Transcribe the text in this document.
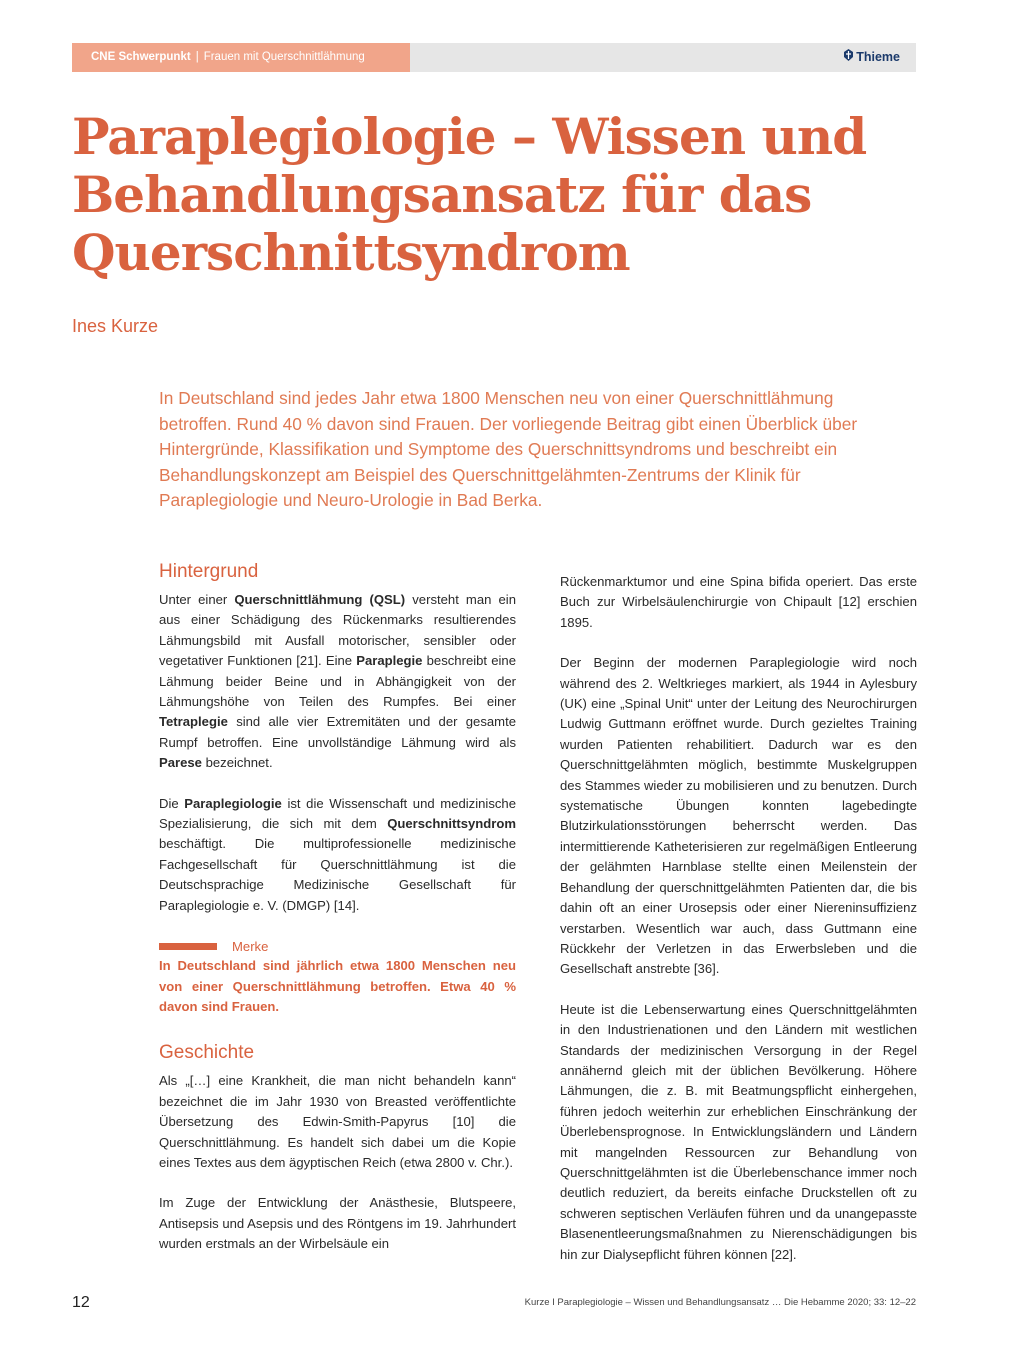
CNE Schwerpunkt | Frauen mit Querschnittlähmung	Thieme
Paraplegiologie – Wissen und Behandlungsansatz für das Querschnittsyndrom
Ines Kurze

In Deutschland sind jedes Jahr etwa 1800 Menschen neu von einer Querschnittlähmung betroffen. Rund 40 % davon sind Frauen. Der vorliegende Beitrag gibt einen Überblick über Hintergründe, Klassifikation und Symptome des Querschnittsyndroms und beschreibt ein Behandlungskonzept am Beispiel des Querschnittgelähmten-Zentrums der Klinik für Paraplegiologie und Neuro-Urologie in Bad Berka.

Hintergrund

Unter einer Querschnittlähmung (QSL) versteht man ein aus einer Schädigung des Rückenmarks resultierendes Lähmungsbild mit Ausfall motorischer, sensibler oder vegetativer Funktionen [21]. Eine Paraplegie beschreibt eine Lähmung beider Beine und in Abhängigkeit von der Lähmungshöhe von Teilen des Rumpfes. Bei einer Tetraplegie sind alle vier Extremitäten und der gesamte Rumpf betroffen. Eine unvollständige Lähmung wird als Parese bezeichnet.

Die Paraplegiologie ist die Wissenschaft und medizinische Spezialisierung, die sich mit dem Querschnittsyndrom beschäftigt. Die multiprofessionelle medizinische Fachgesellschaft für Querschnittlähmung ist die Deutschsprachige Medizinische Gesellschaft für Paraplegiologie e. V. (DMGP) [14].

Merke

In Deutschland sind jährlich etwa 1800 Menschen neu von einer Querschnittlähmung betroffen. Etwa 40 % davon sind Frauen.

Geschichte

Als „[…] eine Krankheit, die man nicht behandeln kann“ bezeichnet die im Jahr 1930 von Breasted veröffentlichte Übersetzung des Edwin-Smith-Papyrus [10] die Querschnittlähmung. Es handelt sich dabei um die Kopie eines Textes aus dem ägyptischen Reich (etwa 2800 v. Chr.).

Im Zuge der Entwicklung der Anästhesie, Blutspeere, Antisepsis und Asepsis und des Röntgens im 19. Jahrhundert wurden erstmals an der Wirbelsäule ein

Rückenmarktumor und eine Spina bifida operiert. Das erste Buch zur Wirbelsäulenchirurgie von Chipault [12] erschien 1895.

Der Beginn der modernen Paraplegiologie wird noch während des 2. Weltkrieges markiert, als 1944 in Aylesbury (UK) eine „Spinal Unit“ unter der Leitung des Neurochirurgen Ludwig Guttmann eröffnet wurde. Durch gezieltes Training wurden Patienten rehabilitiert. Dadurch war es den Querschnittgelähmten möglich, bestimmte Muskelgruppen des Stammes wieder zu mobilisieren und zu benutzen. Durch systematische Übungen konnten lagebedingte Blutzirkulationsstörungen beherrscht werden. Das intermittierende Katheterisieren zur regelmäßigen Entleerung der gelähmten Harnblase stellte einen Meilenstein der Behandlung der querschnittgelähmten Patienten dar, die bis dahin oft an einer Urosepsis oder einer Niereninsuffizienz verstarben. Wesentlich war auch, dass Guttmann eine Rückkehr der Verletzen in das Erwerbsleben und die Gesellschaft anstrebte [36].

Heute ist die Lebenserwartung eines Querschnittgelähmten in den Industrienationen und den Ländern mit westlichen Standards der medizinischen Versorgung in der Regel annähernd gleich mit der üblichen Bevölkerung. Höhere Lähmungen, die z. B. mit Beatmungspflicht einhergehen, führen jedoch weiterhin zur erheblichen Einschränkung der Überlebensprognose. In Entwicklungsländern und Ländern mit mangelnden Ressourcen zur Behandlung von Querschnittgelähmten ist die Überlebenschance immer noch deutlich reduziert, da bereits einfache Druckstellen oft zu schweren septischen Verläufen führen und da unangepasste Blasenentleerungsmaßnahmen zu Nierenschädigungen bis hin zur Dialysepflicht führen können [22].

12	Kurze I Paraplegiologie – Wissen und Behandlungsansatz … Die Hebamme 2020; 33: 12–22
